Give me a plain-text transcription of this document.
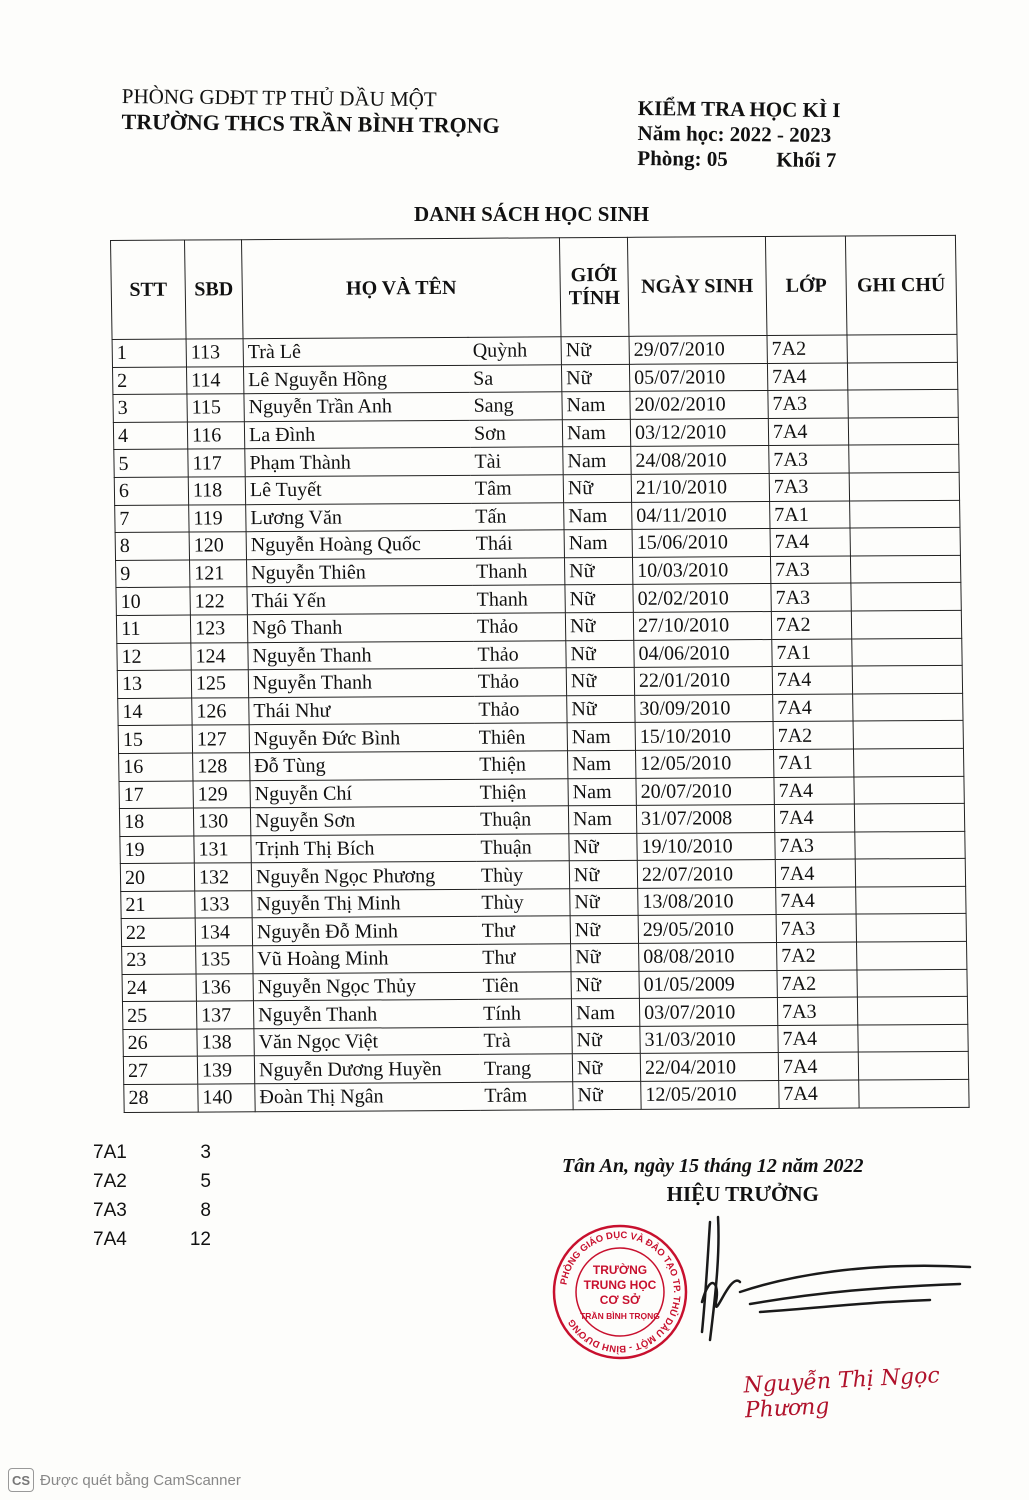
PHÒNG GDĐT TP THỦ DẦU MỘT
TRƯỜNG THCS TRẦN BÌNH TRỌNG
KIỂM TRA HỌC KÌ I
Năm học: 2022 - 2023
Phòng: 05 Khối 7
DANH SÁCH HỌC SINH
STT	SBD	HỌ VÀ TÊN		GIỚI
TÍNH	NGÀY SINH	LỚP	GHI CHÚ
1	113	Trà Lê	Quỳnh	Nữ	29/07/2010	7A2	
2	114	Lê Nguyễn Hồng	Sa	Nữ	05/07/2010	7A4	
3	115	Nguyễn Trần Anh	Sang	Nam	20/02/2010	7A3	
4	116	La Đình	Sơn	Nam	03/12/2010	7A4	
5	117	Phạm Thành	Tài	Nam	24/08/2010	7A3	
6	118	Lê Tuyết	Tâm	Nữ	21/10/2010	7A3	
7	119	Lương Văn	Tấn	Nam	04/11/2010	7A1	
8	120	Nguyễn Hoàng Quốc	Thái	Nam	15/06/2010	7A4	
9	121	Nguyễn Thiên	Thanh	Nữ	10/03/2010	7A3	
10	122	Thái Yến	Thanh	Nữ	02/02/2010	7A3	
11	123	Ngô Thanh	Thảo	Nữ	27/10/2010	7A2	
12	124	Nguyễn Thanh	Thảo	Nữ	04/06/2010	7A1	
13	125	Nguyễn Thanh	Thảo	Nữ	22/01/2010	7A4	
14	126	Thái Như	Thảo	Nữ	30/09/2010	7A4	
15	127	Nguyễn Đức Bình	Thiên	Nam	15/10/2010	7A2	
16	128	Đỗ Tùng	Thiện	Nam	12/05/2010	7A1	
17	129	Nguyễn Chí	Thiện	Nam	20/07/2010	7A4	
18	130	Nguyễn Sơn	Thuận	Nam	31/07/2008	7A4	
19	131	Trịnh Thị Bích	Thuận	Nữ	19/10/2010	7A3	
20	132	Nguyễn Ngọc Phương	Thùy	Nữ	22/07/2010	7A4	
21	133	Nguyễn Thị Minh	Thùy	Nữ	13/08/2010	7A4	
22	134	Nguyễn Đỗ Minh	Thư	Nữ	29/05/2010	7A3	
23	135	Vũ Hoàng Minh	Thư	Nữ	08/08/2010	7A2	
24	136	Nguyễn Ngọc Thủy	Tiên	Nữ	01/05/2009	7A2	
25	137	Nguyễn Thanh	Tính	Nam	03/07/2010	7A3	
26	138	Văn Ngọc Việt	Trà	Nữ	31/03/2010	7A4	
27	139	Nguyễn Dương Huyền	Trang	Nữ	22/04/2010	7A4	
28	140	Đoàn Thị Ngân	Trâm	Nữ	12/05/2010	7A4	
7A1	3
7A2	5
7A3	8
7A4	12
Tân An, ngày 15 tháng 12 năm 2022
HIỆU TRƯỞNG
PHÒNG GIÁO DỤC VÀ ĐÀO TẠO TP. THỦ DẦU MỘT - BÌNH DƯƠNG
TRƯỜNG
TRUNG HỌC
CƠ SỞ
TRẦN BÌNH TRỌNG
Nguyễn Thị Ngọc Phương
CS Được quét bằng CamScanner
